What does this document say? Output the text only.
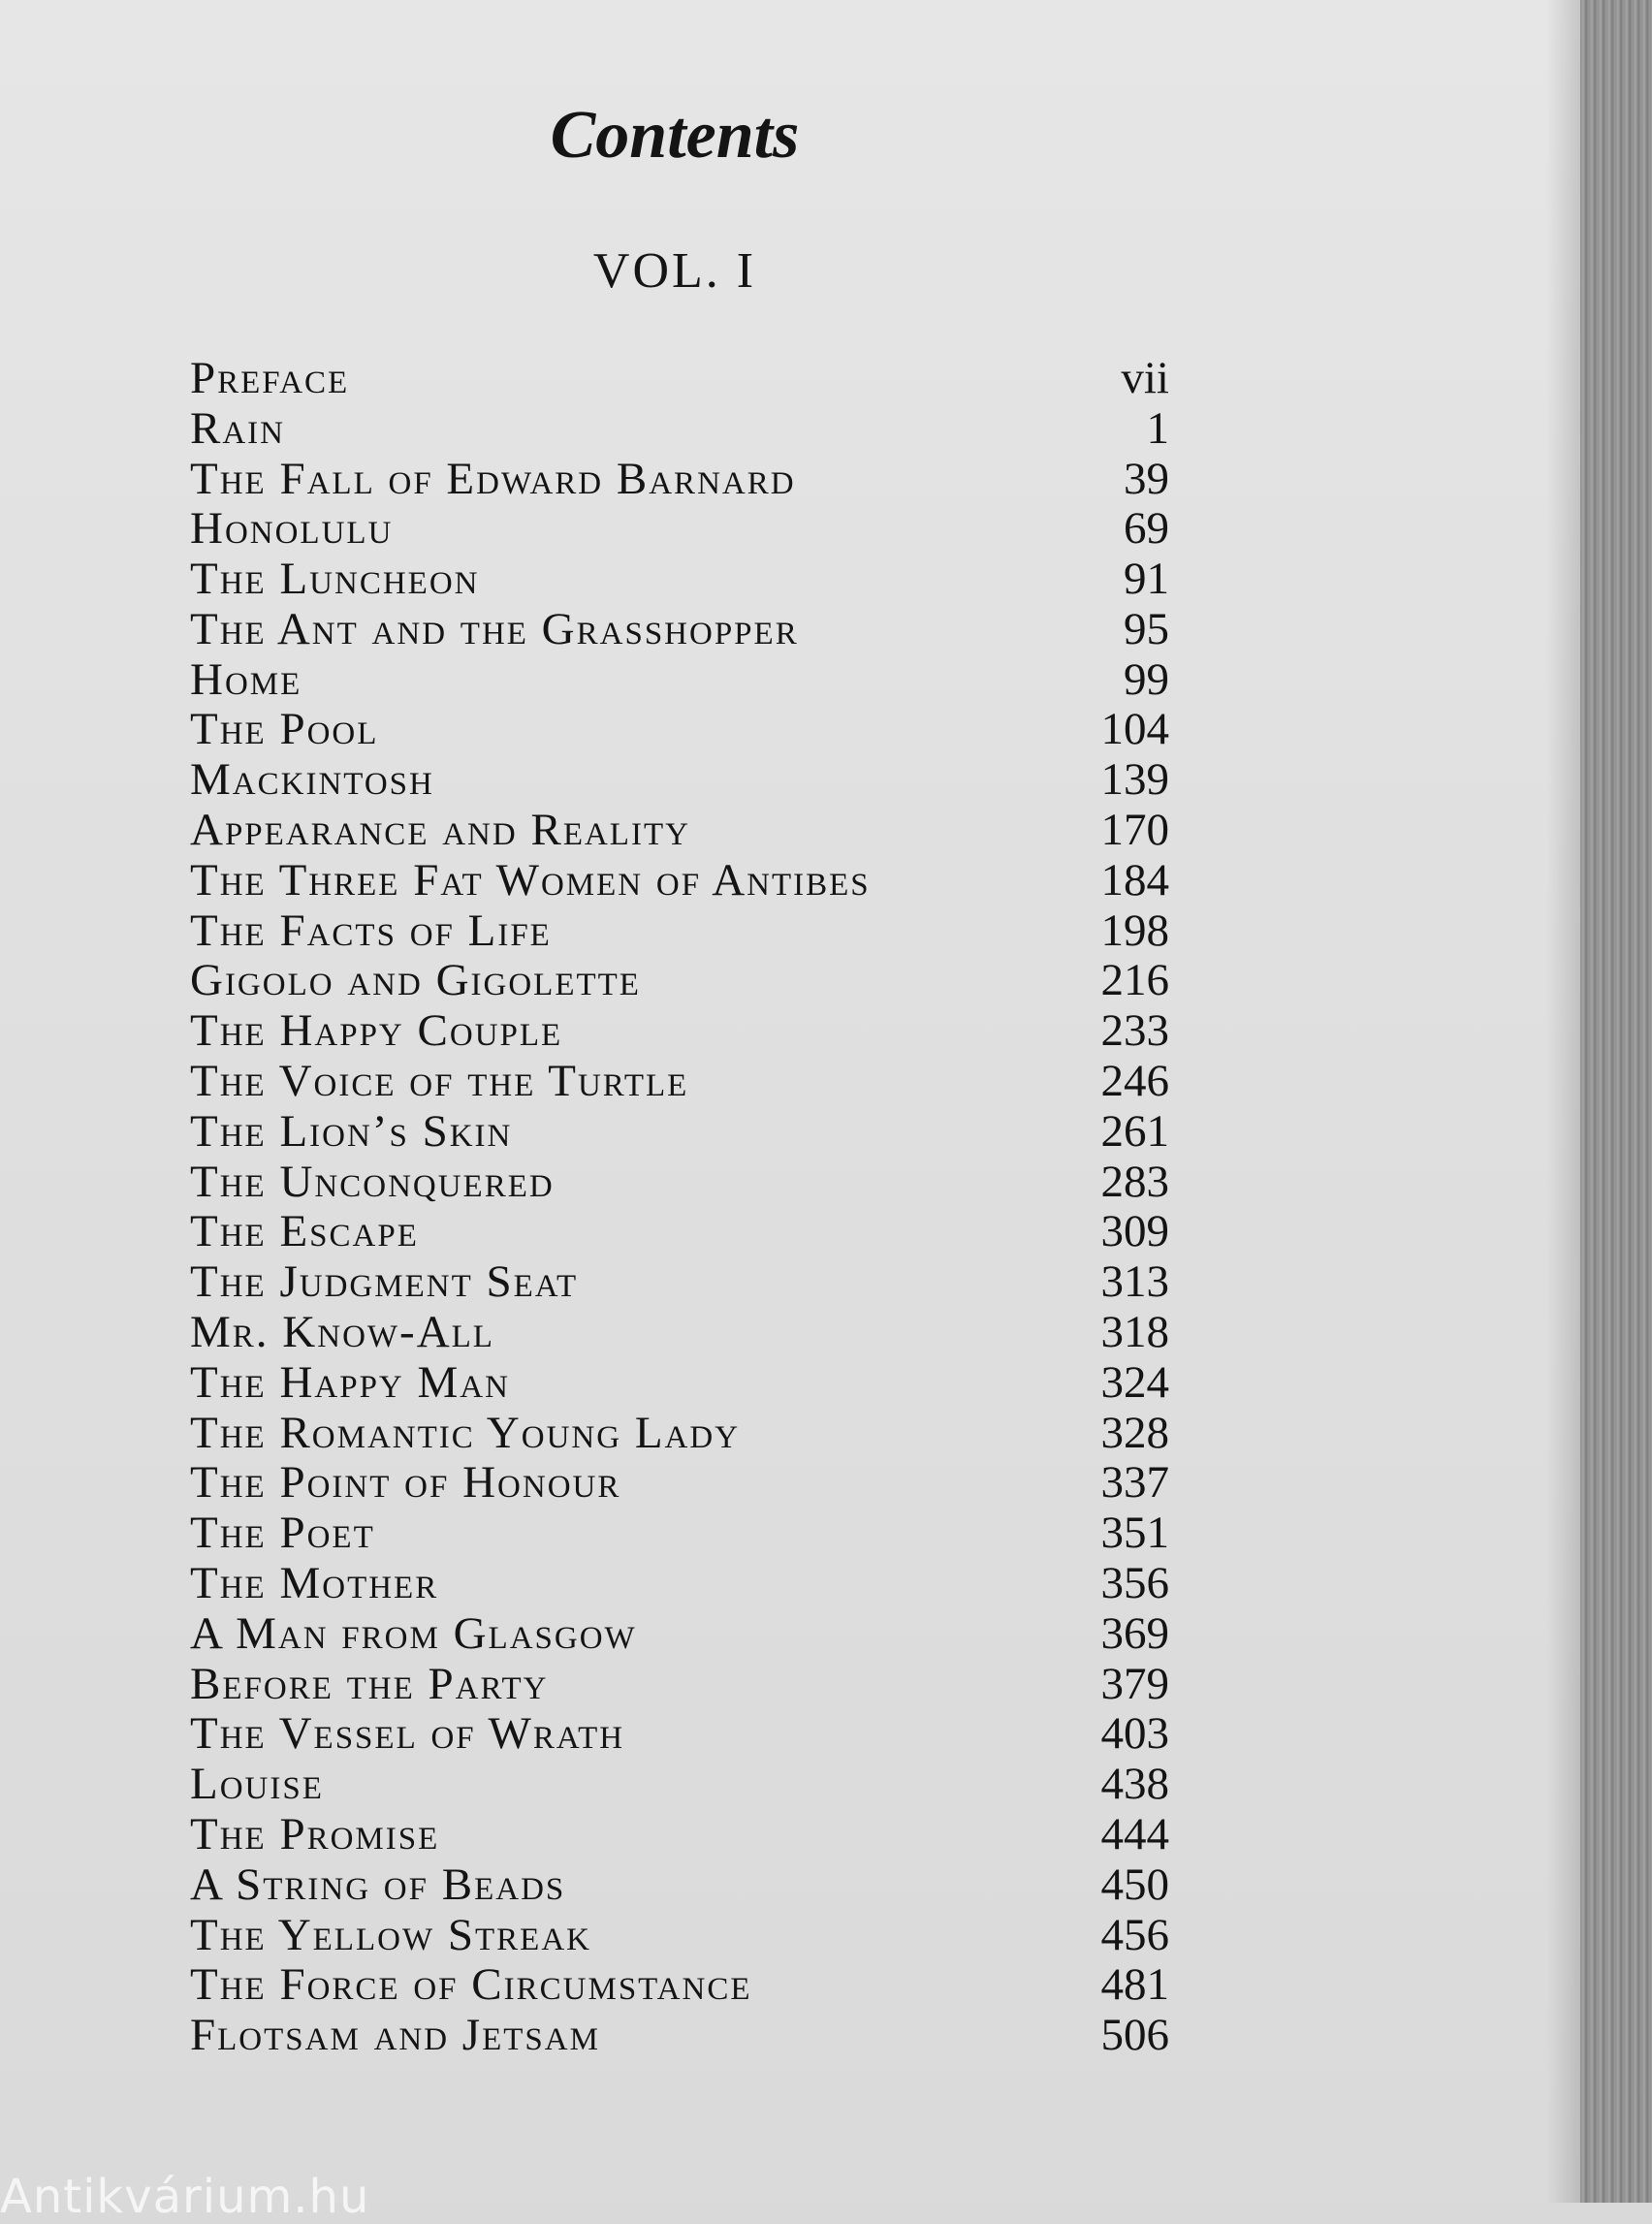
Contents
VOL. I
Preface	vii
Rain	1
The Fall of Edward Barnard	39
Honolulu	69
The Luncheon	91
The Ant and the Grasshopper	95
Home	99
The Pool	104
Mackintosh	139
Appearance and Reality	170
The Three Fat Women of Antibes	184
The Facts of Life	198
Gigolo and Gigolette	216
The Happy Couple	233
The Voice of the Turtle	246
The Lion’s Skin	261
The Unconquered	283
The Escape	309
The Judgment Seat	313
Mr. Know-All	318
The Happy Man	324
The Romantic Young Lady	328
The Point of Honour	337
The Poet	351
The Mother	356
A Man from Glasgow	369
Before the Party	379
The Vessel of Wrath	403
Louise	438
The Promise	444
A String of Beads	450
The Yellow Streak	456
The Force of Circumstance	481
Flotsam and Jetsam	506
Antikvárium.hu
